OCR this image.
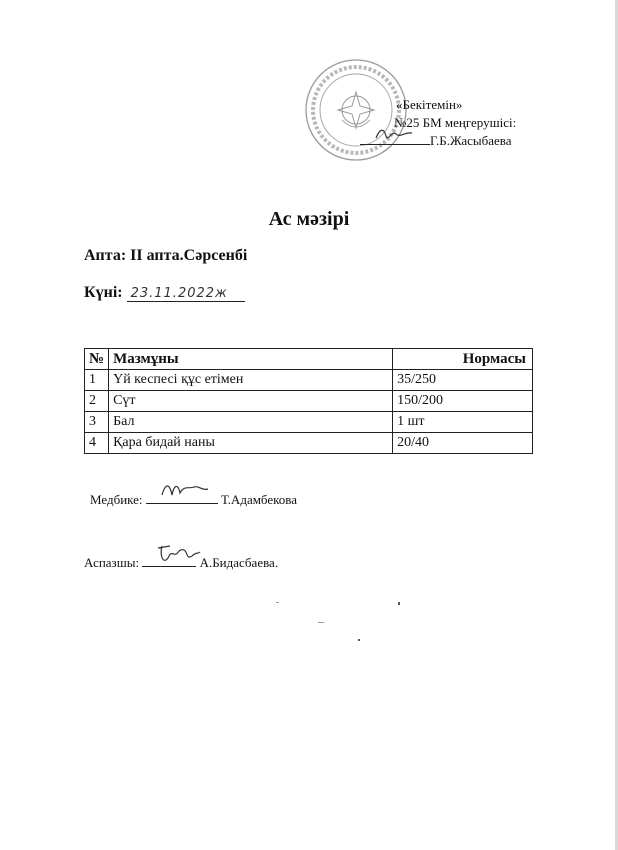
«Бекітемін»
№25 БМ меңгерушісі:
Г.Б.Жасыбаева
Ас мәзірі
Апта: ІІ апта.Сәрсенбі
Күні: 23.11.2022ж
№	Мазмұны	Нормасы
1	Үй кеспесі құс етімен	35/250
2	Сүт	150/200
3	Бал	1 шт
4	Қара бидай наны	20/40
Медбике:	Т.Адамбекова
Аспазшы:	А.Бидасбаева.
